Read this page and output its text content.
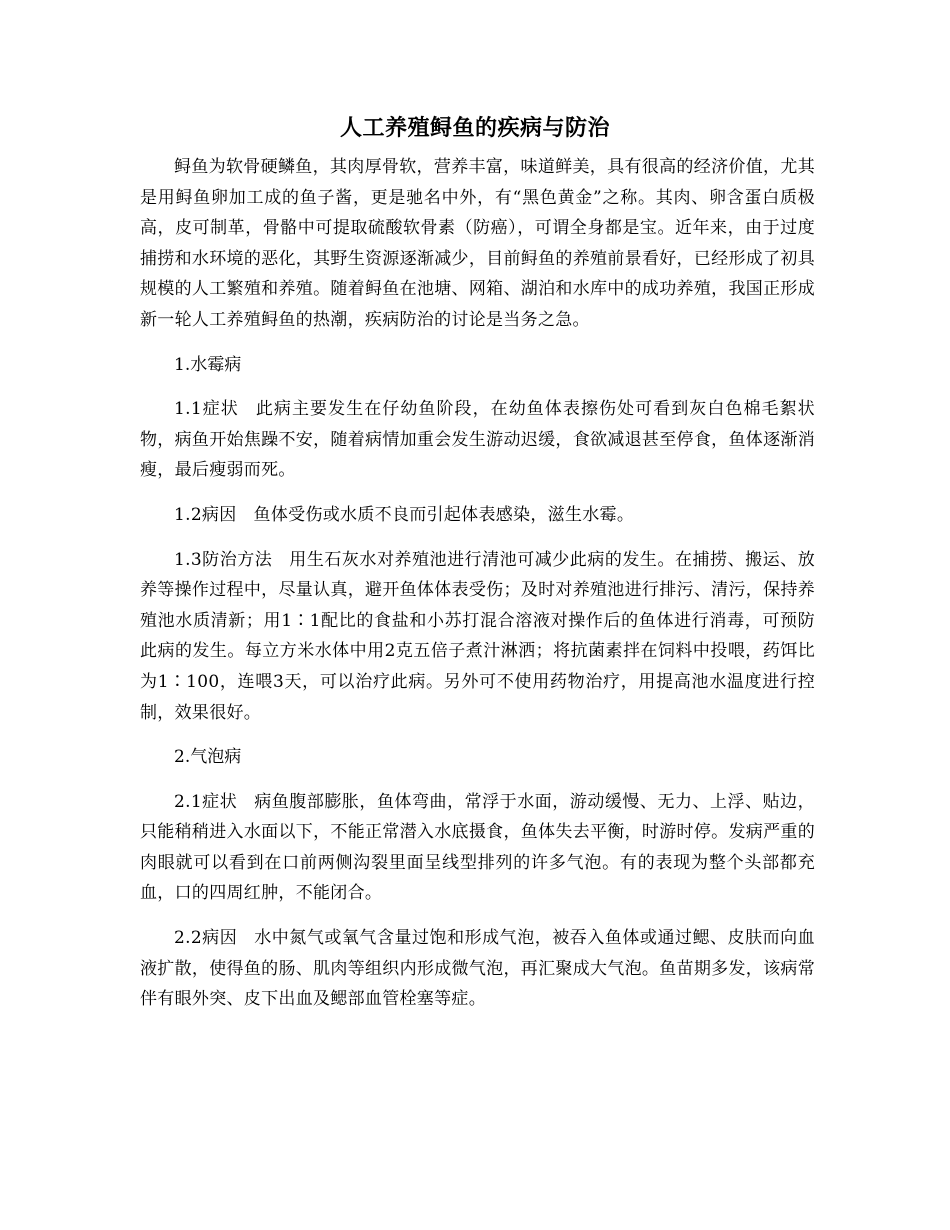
人工养殖鲟鱼的疾病与防治

鲟鱼为软骨硬鳞鱼，其肉厚骨软，营养丰富，味道鲜美，具有很高的经济价值，尤其是用鲟鱼卵加工成的鱼子酱，更是驰名中外，有“黑色黄金”之称。其肉、卵含蛋白质极高，皮可制革，骨骼中可提取硫酸软骨素（防癌），可谓全身都是宝。近年来，由于过度捕捞和水环境的恶化，其野生资源逐渐减少，目前鲟鱼的养殖前景看好，已经形成了初具规模的人工繁殖和养殖。随着鲟鱼在池塘、网箱、湖泊和水库中的成功养殖，我国正形成新一轮人工养殖鲟鱼的热潮，疾病防治的讨论是当务之急。

1.水霉病

1.1症状 此病主要发生在仔幼鱼阶段，在幼鱼体表擦伤处可看到灰白色棉毛絮状物，病鱼开始焦躁不安，随着病情加重会发生游动迟缓，食欲减退甚至停食，鱼体逐渐消瘦，最后瘦弱而死。

1.2病因 鱼体受伤或水质不良而引起体表感染，滋生水霉。

1.3防治方法 用生石灰水对养殖池进行清池可减少此病的发生。在捕捞、搬运、放养等操作过程中，尽量认真，避开鱼体体表受伤；及时对养殖池进行排污、清污，保持养殖池水质清新；用1∶1配比的食盐和小苏打混合溶液对操作后的鱼体进行消毒，可预防此病的发生。每立方米水体中用2克五倍子煮汁淋洒；将抗菌素拌在饲料中投喂，药饵比为1∶100，连喂3天，可以治疗此病。另外可不使用药物治疗，用提高池水温度进行控制，效果很好。

2.气泡病

2.1症状 病鱼腹部膨胀，鱼体弯曲，常浮于水面，游动缓慢、无力、上浮、贴边，只能稍稍进入水面以下，不能正常潜入水底摄食，鱼体失去平衡，时游时停。发病严重的肉眼就可以看到在口前两侧沟裂里面呈线型排列的许多气泡。有的表现为整个头部都充血，口的四周红肿，不能闭合。

2.2病因 水中氮气或氧气含量过饱和形成气泡，被吞入鱼体或通过鳃、皮肤而向血液扩散，使得鱼的肠、肌肉等组织内形成微气泡，再汇聚成大气泡。鱼苗期多发，该病常伴有眼外突、皮下出血及鳃部血管栓塞等症。
